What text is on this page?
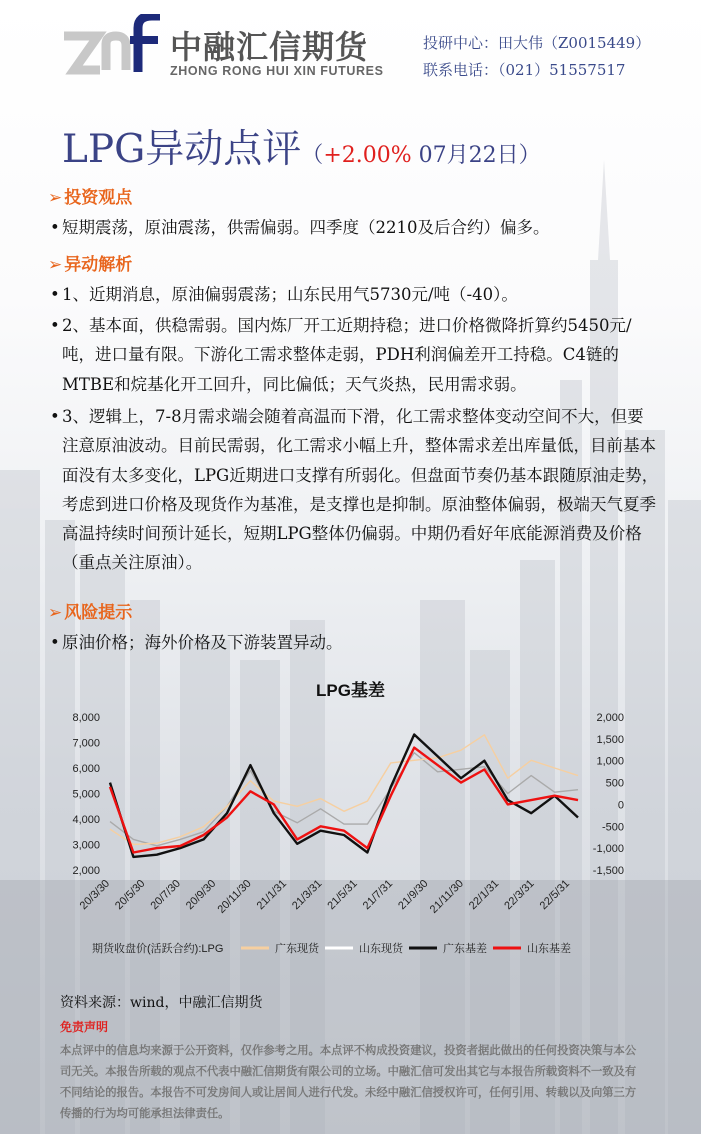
中融汇信期货
ZHONG RONG HUI XIN FUTURES
投研中心：田大伟（Z0015449）
联系电话：（021）51557517
LPG异动点评（+2.00% 07月22日）
➢ 投资观点
• 短期震荡，原油震荡，供需偏弱。四季度（2210及后合约）偏多。
➢ 异动解析
• 1、近期消息，原油偏弱震荡；山东民用气5730元/吨（-40）。
• 2、基本面，供稳需弱。国内炼厂开工近期持稳；进口价格微降折算约5450元/吨，进口量有限。下游化工需求整体走弱，PDH利润偏差开工持稳。C4链的MTBE和烷基化开工回升，同比偏低；天气炎热，民用需求弱。
• 3、逻辑上，7-8月需求端会随着高温而下滑，化工需求整体变动空间不大，但要注意原油波动。目前民需弱，化工需求小幅上升，整体需求差出库量低，目前基本面没有太多变化，LPG近期进口支撑有所弱化。但盘面节奏仍基本跟随原油走势，考虑到进口价格及现货作为基准，是支撑也是抑制。原油整体偏弱，极端天气夏季高温持续时间预计延长，短期LPG整体仍偏弱。中期仍看好年底能源消费及价格（重点关注原油）。
➢ 风险提示
• 原油价格；海外价格及下游装置异动。
LPG基差
2,000
3,000
4,000
5,000
6,000
7,000
8,000
-1,500
-1,000
-500
0
500
1,000
1,500
2,000
20/3/30 20/5/30 20/7/30 20/9/30
20/11/30 21/1/31 21/3/31 21/5/31 21/7/31 21/9/30
21/11/30 22/1/31 22/3/31 22/5/31
期货收盘价(活跃合约):LPG	广东现货	山东现货	广东基差	山东基差
资料来源：wind，中融汇信期货
免责声明
本点评中的信息均来源于公开资料，仅作参考之用。本点评不构成投资建议，投资者据此做出的任何投资决策与本公司无关。本报告所载的观点不代表中融汇信期货有限公司的立场。中融汇信可发出其它与本报告所载资料不一致及有不同结论的报告。本报告不可发房间人或让居间人进行代发。未经中融汇信授权许可，任何引用、转载以及向第三方传播的行为均可能承担法律责任。
